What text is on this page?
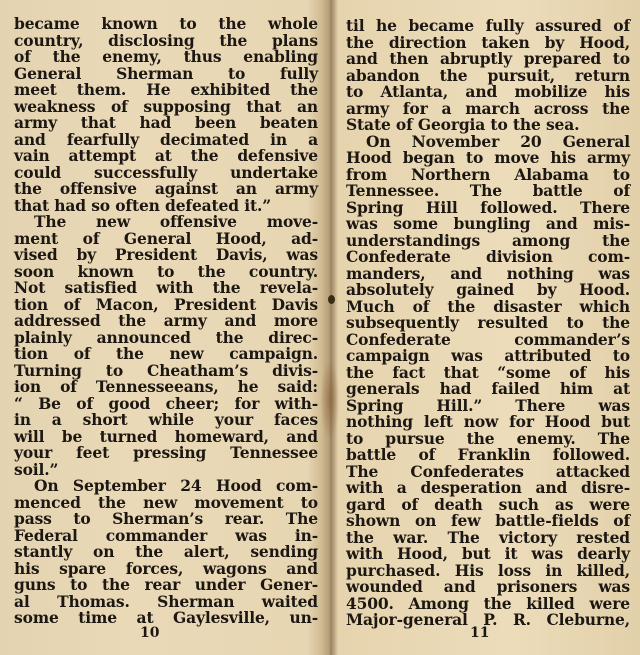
became known to the whole
country, disclosing the plans
of the enemy, thus enabling
General Sherman to fully
meet them. He exhibited the
weakness of supposing that an
army that had been beaten
and fearfully decimated in a
vain attempt at the defensive
could successfully undertake
the offensive against an army
that had so often defeated it.”
The new offensive move-
ment of General Hood, ad-
vised by President Davis, was
soon known to the country.
Not satisfied with the revela-
tion of Macon, President Davis
addressed the army and more
plainly announced the direc-
tion of the new campaign.
Turning to Cheatham’s divis-
ion of Tennesseeans, he said:
“ Be of good cheer; for with-
in a short while your faces
will be turned homeward, and
your feet pressing Tennessee
soil.”
On September 24 Hood com-
menced the new movement to
pass to Sherman’s rear. The
Federal commander was in-
stantly on the alert, sending
his spare forces, wagons and
guns to the rear under Gener-
al Thomas. Sherman waited
some time at Gaylesville, un-
10
til he became fully assured of
the direction taken by Hood,
and then abruptly prepared to
abandon the pursuit, return
to Atlanta, and mobilize his
army for a march across the
State of Georgia to the sea.
On November 20 General
Hood began to move his army
from Northern Alabama to
Tennessee. The battle of
Spring Hill followed. There
was some bungling and mis-
understandings among the
Confederate division com-
manders, and nothing was
absolutely gained by Hood.
Much of the disaster which
subsequently resulted to the
Confederate commander’s
campaign was attributed to
the fact that “some of his
generals had failed him at
Spring Hill.” There was
nothing left now for Hood but
to pursue the enemy. The
battle of Franklin followed.
The Confederates attacked
with a desperation and disre-
gard of death such as were
shown on few battle-fields of
the war. The victory rested
with Hood, but it was dearly
purchased. His loss in killed,
wounded and prisoners was
4500. Among the killed were
Major-general P. R. Cleburne,
11
